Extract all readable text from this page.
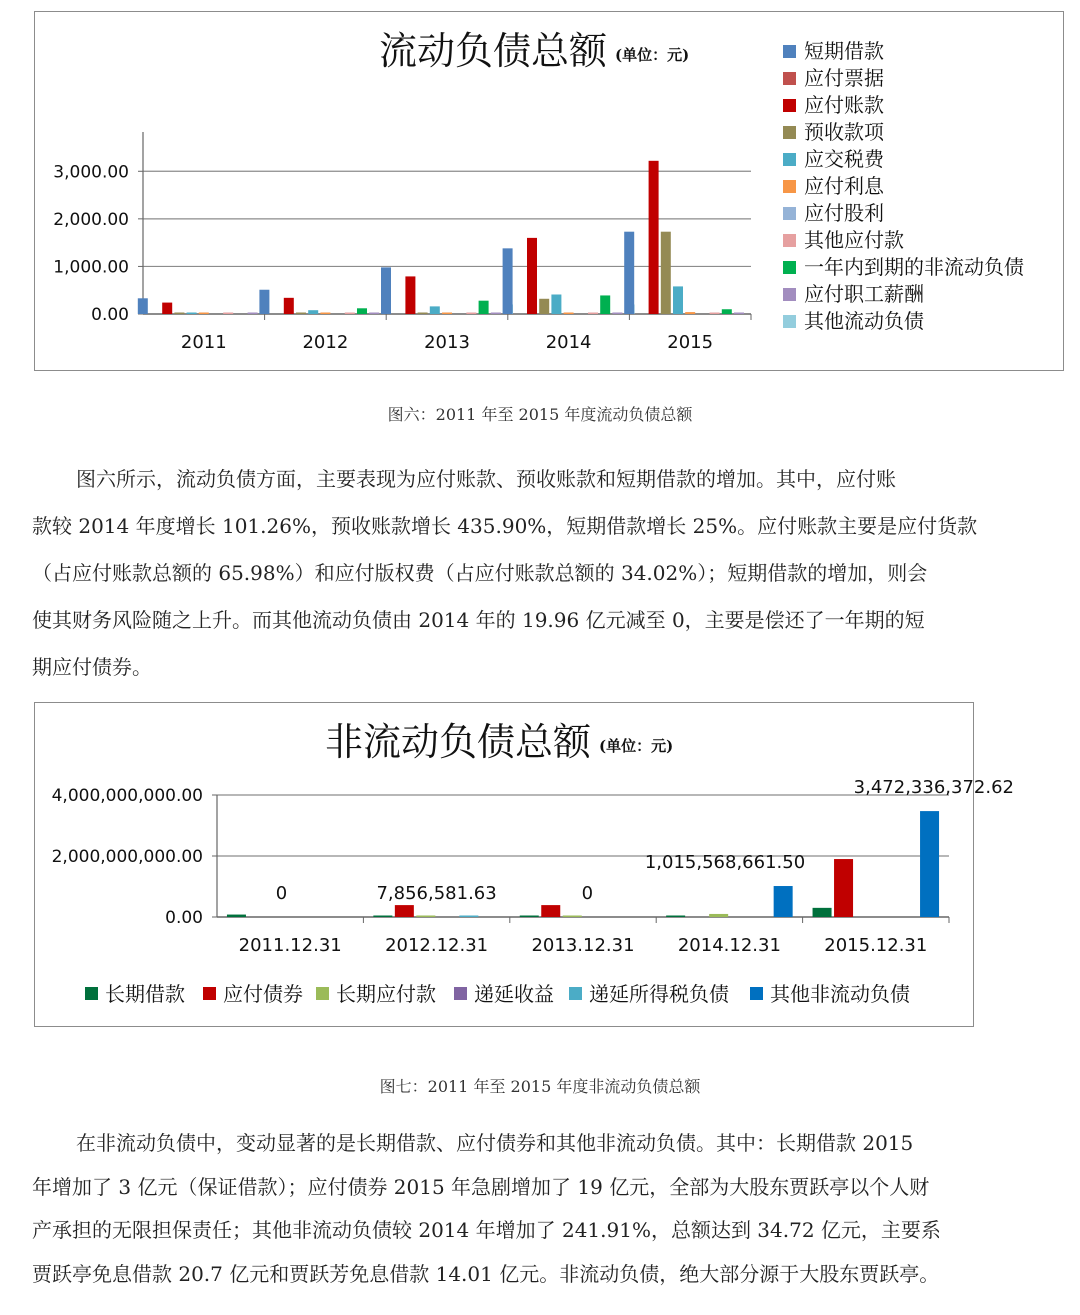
流动负债总额 (单位：元)
0.00
1,000.00
2,000.00
3,000.00
2011	2012	2013	2014	2015
短期借款
应付票据
应付账款
预收款项
应交税费
应付利息
应付股利
其他应付款
一年内到期的非流动负债
应付职工薪酬
其他流动负债
图六：2011 年至 2015 年度流动负债总额
图六所示，流动负债方面，主要表现为应付账款、预收账款和短期借款的增加。其中，应付账
款较 2014 年度增长 101.26%，预收账款增长 435.90%，短期借款增长 25%。应付账款主要是应付货款
（占应付账款总额的 65.98%）和应付版权费（占应付账款总额的 34.02%）；短期借款的增加，则会
使其财务风险随之上升。而其他流动负债由 2014 年的 19.96 亿元减至 0，主要是偿还了一年期的短
期应付债券。
非流动负债总额 (单位：元)
0.00
2,000,000,000.00
4,000,000,000.00
2011.12.31 2012.12.31 2013.12.31 2014.12.31 2015.12.31
0	7,856,581.63	0
1,015,568,661.50
3,472,336,372.62
长期借款 应付债券 长期应付款 递延收益 递延所得税负债 其他非流动负债
图七：2011 年至 2015 年度非流动负债总额
在非流动负债中，变动显著的是长期借款、应付债券和其他非流动负债。其中：长期借款 2015
年增加了 3 亿元（保证借款）；应付债券 2015 年急剧增加了 19 亿元，全部为大股东贾跃亭以个人财
产承担的无限担保责任；其他非流动负债较 2014 年增加了 241.91%，总额达到 34.72 亿元，主要系
贾跃亭免息借款 20.7 亿元和贾跃芳免息借款 14.01 亿元。非流动负债，绝大部分源于大股东贾跃亭。
